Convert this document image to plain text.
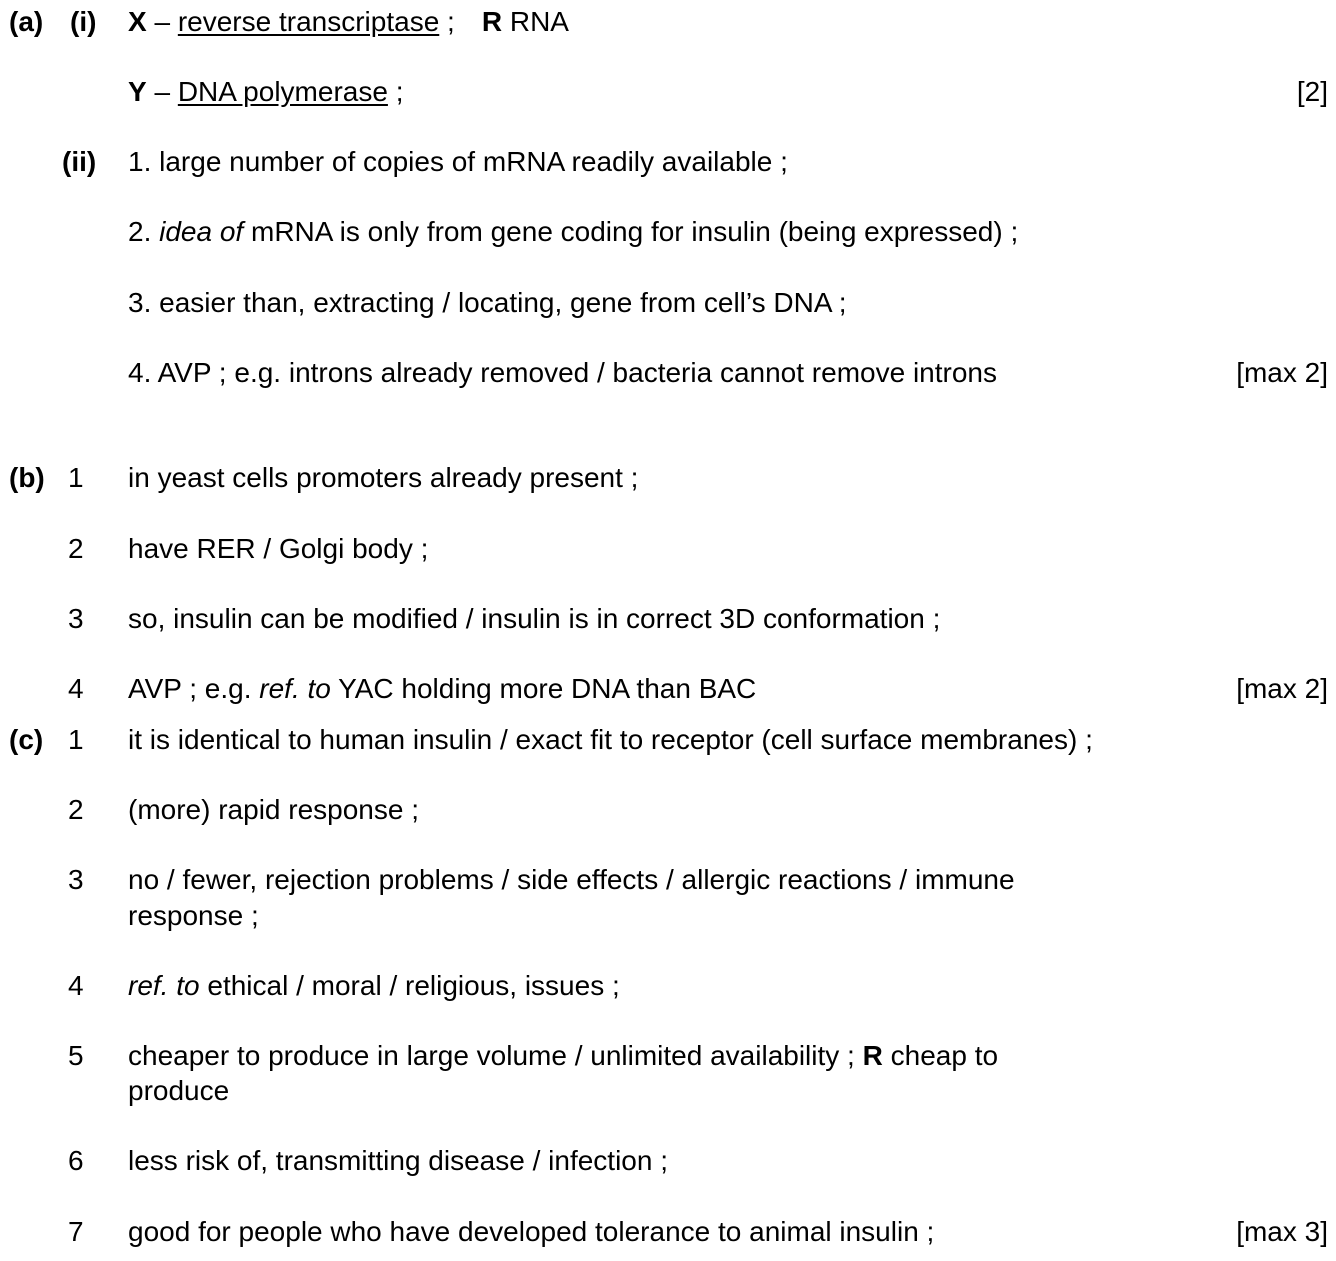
(a) (i) X – reverse transcriptase ; R RNA
Y – DNA polymerase ;	[2]
(ii) 1. large number of copies of mRNA readily available ;
2. idea of mRNA is only from gene coding for insulin (being expressed) ;
3. easier than, extracting / locating, gene from cell’s DNA ;
4. AVP ; e.g. introns already removed / bacteria cannot remove introns	[max 2]
(b) 1 in yeast cells promoters already present ;
2 have RER / Golgi body ;
3 so, insulin can be modified / insulin is in correct 3D conformation ;
4 AVP ; e.g. ref. to YAC holding more DNA than BAC	[max 2]
(c) 1 it is identical to human insulin / exact fit to receptor (cell surface membranes) ;
2 (more) rapid response ;
3 no / fewer, rejection problems / side effects / allergic reactions / immune
response ;
4 ref. to ethical / moral / religious, issues ;
5 cheaper to produce in large volume / unlimited availability ; R cheap to
produce
6 less risk of, transmitting disease / infection ;
7 good for people who have developed tolerance to animal insulin ;	[max 3]
